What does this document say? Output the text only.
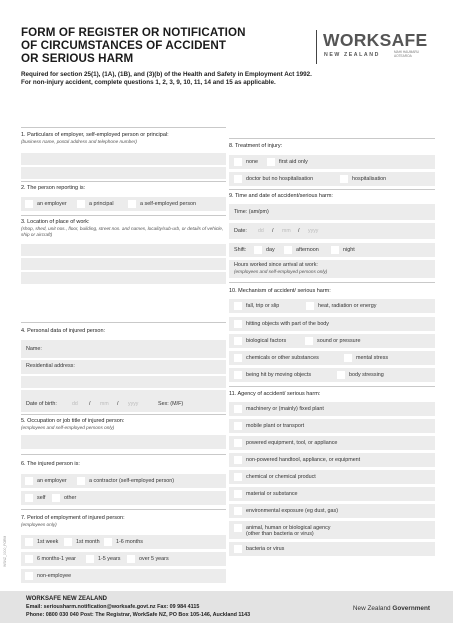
FORM OF REGISTER OR NOTIFICATION
OF CIRCUMSTANCES OF ACCIDENT
OR SERIOUS HARM
WORKSAFE
NEW ZEALAND	MAHI HAUMARU AOTEAROA
Required for section 25(1), (1A), (1B), and (3)(b) of the Health and Safety in Employment Act 1992. For non-injury accident, complete questions 1, 2, 3, 9, 10, 11, 14 and 15 as applicable.
1. Particulars of employer, self-employed person or principal:
(business name, postal address and telephone number)
2. The person reporting is:
an employer	a principal	a self-employed person
3. Location of place of work:
(shop, shed, unit nos., floor, building, street nos. and names, locality/sub-urb, or details of vehicle, ship or aircraft)
4. Personal data of injured person:
Name:
Residential address:
Date of birth:	dd / mm / yyyy	Sex: (M/F)
5. Occupation or job title of injured person:
(employees and self-employed persons only)
6. The injured person is:
an employer	a contractor (self-employed person)
self	other
7. Period of employment of injured person:
(employees only)
1st week	1st month	1-6 months
6 months-1 year	1-5 years	over 5 years
non-employee
8. Treatment of injury:
none	first aid only
doctor but no hospitalisation	hospitalisation
9. Time and date of accident/serious harm:
Time: (am/pm)
Date: dd / mm / yyyy
Shift:	day	afternoon	night
Hours worked since arrival at work:
(employees and self-employed persons only)
10. Mechanism of accident/ serious harm:
fall, trip or slip	heat, radiation or energy
hitting objects with part of the body
biological factors	sound or pressure
chemicals or other substances	mental stress
being hit by moving objects	body stressing
11. Agency of accident/ serious harm:
machinery or (mainly) fixed plant
mobile plant or transport
powered equipment, tool, or appliance
non-powered handtool, appliance, or equipment
chemical or chemical product
material or substance
environmental exposure (eg dust, gas)
animal, human or biological agency
(other than bacteria or virus)
bacteria or virus
WSNZ_0000_FORM
WORKSAFE NEW ZEALAND
Email: seriousharm.notification@worksafe.govt.nz Fax: 09 984 4115
Phone: 0800 030 040 Post: The Registrar, WorkSafe NZ, PO Box 105-146, Auckland 1143
New Zealand Government
